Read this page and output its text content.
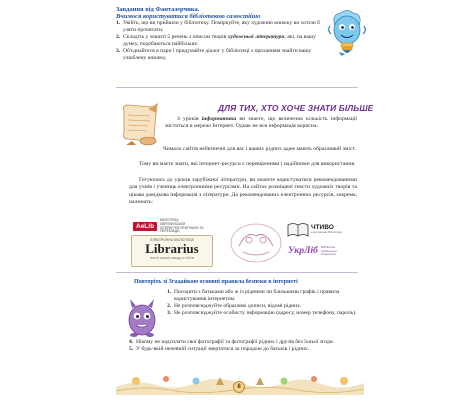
Завдання від Фантазерчика.
Вчимося користуватися бібліотекою самостійно
1. Увійть, що ви прийшли у бібліотеку. Поміркуйте, яку художню книжку ви хотіли б узяти прочитати.
2. Складіть у зошиті 5 речень з описом творів художньої літератури, які, на вашу думку, подобаються найбільше.
3. Об'єднайтеся в пари і придумайте діалог у бібліотеці з проханням знайти вашу улюблену книжку.
ДЛЯ ТИХ, ХТО ХОЧЕ ЗНАТИ БІЛЬШЕ
З уроків інформатики ви знаєте, що величезна кількість інформації міститься в мережі Інтернет. Однак не вся інформація корисна.
Чимало сайтів небезпечні для вас і ваших рідних адже мають образливий зміст.
Тому ви маєте знати, які інтернет-ресурси є перевіреними і надійними для використання.
Готуючись до уроків зарубіжної літератури, ви можете користуватися рекомендованими для учнів і учениць електронними ресурсами. На сайтах розміщені тексти художніх творів та цікава довідкова інформація з літератури. До рекомендованих електронних ресурсів, зокрема, належать:
AeLib
БІБЛІОТЕКА ЄВРОПЕЙСЬКОЇ ЛІТЕРАТУРИ ОРИГІНАЛИ ТА ПЕРЕКЛАДИ
ЕЛЕКТРОННА БІБЛІОТЕКА
Librarius
тексти книжок завжди з тобою
ЧТИВО
електронна бібліотека
УкрЛіб Бібліотека Української Літератури
Повторіть зі Згадайкою основні правила безпеки в інтернеті
1. Погодити з батьками або ж із рідними чи близькими графік і правила користування інтернетом.
2. Не розповсюджуйте образливі дописи, відомі рідних.
3. Не розповсюджуйте особисту інформацію (адресу, номер телефону, пароль).
4. Нікому не надсилати свої фотографії та фотографії рідних і друзів без їхньої згоди.
5. У будь-якій непевній ситуації звертатися за порадою до батьків і рідних.
8
